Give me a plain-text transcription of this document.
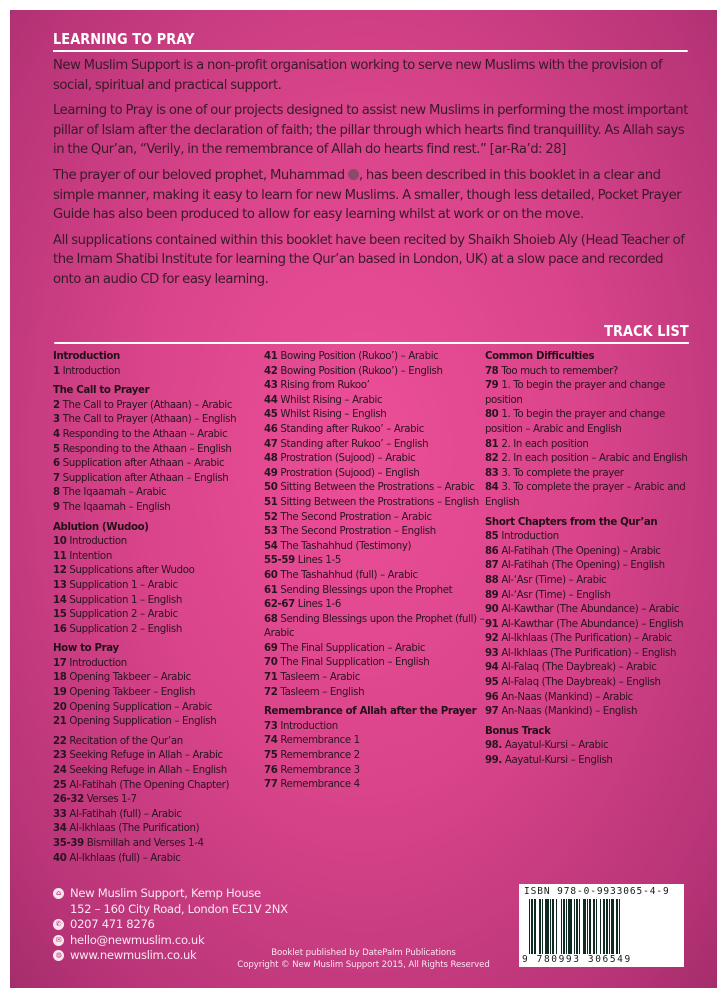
LEARNING TO PRAY

New Muslim Support is a non-profit organisation working to serve new Muslims with the provision of social, spiritual and practical support.

Learning to Pray is one of our projects designed to assist new Muslims in performing the most important pillar of Islam after the declaration of faith; the pillar through which hearts find tranquillity. As Allah says in the Qur’an, “Verily, in the remembrance of Allah do hearts find rest.” [ar-Ra’d: 28]

The prayer of our beloved prophet, Muhammad , has been described in this booklet in a clear and simple manner, making it easy to learn for new Muslims. A smaller, though less detailed, Pocket Prayer Guide has also been produced to allow for easy learning whilst at work or on the move.

All supplications contained within this booklet have been recited by Shaikh Shoieb Aly (Head Teacher of the Imam Shatibi Institute for learning the Qur’an based in London, UK) at a slow pace and recorded onto an audio CD for easy learning.

TRACK LIST
Introduction
1 Introduction
The Call to Prayer
2 The Call to Prayer (Athaan) – Arabic
3 The Call to Prayer (Athaan) – English
4 Responding to the Athaan – Arabic
5 Responding to the Athaan – English
6 Supplication after Athaan – Arabic
7 Supplication after Athaan – English
8 The Iqaamah – Arabic
9 The Iqaamah – English
Ablution (Wudoo)
10 Introduction
11 Intention
12 Supplications after Wudoo
13 Supplication 1 – Arabic
14 Supplication 1 – English
15 Supplication 2 – Arabic
16 Supplication 2 – English
How to Pray
17 Introduction
18 Opening Takbeer – Arabic
19 Opening Takbeer – English
20 Opening Supplication – Arabic
21 Opening Supplication – English
22 Recitation of the Qur’an
23 Seeking Refuge in Allah – Arabic
24 Seeking Refuge in Allah – English
25 Al-Fatihah (The Opening Chapter)
26-32 Verses 1-7
33 Al-Fatihah (full) – Arabic
34 Al-Ikhlaas (The Purification)
35-39 Bismillah and Verses 1-4
40 Al-Ikhlaas (full) – Arabic
41 Bowing Position (Rukoo’) – Arabic
42 Bowing Position (Rukoo’) – English
43 Rising from Rukoo’
44 Whilst Rising – Arabic
45 Whilst Rising – English
46 Standing after Rukoo’ – Arabic
47 Standing after Rukoo’ – English
48 Prostration (Sujood) – Arabic
49 Prostration (Sujood) – English
50 Sitting Between the Prostrations – Arabic
51 Sitting Between the Prostrations – English
52 The Second Prostration – Arabic
53 The Second Prostration – English
54 The Tashahhud (Testimony)
55-59 Lines 1-5
60 The Tashahhud (full) – Arabic
61 Sending Blessings upon the Prophet
62-67 Lines 1-6
68 Sending Blessings upon the Prophet (full) – Arabic
69 The Final Supplication – Arabic
70 The Final Supplication – English
71 Tasleem – Arabic
72 Tasleem – English
Remembrance of Allah after the Prayer
73 Introduction
74 Remembrance 1
75 Remembrance 2
76 Remembrance 3
77 Remembrance 4
Common Difficulties
78 Too much to remember?
79 1. To begin the prayer and change position
80 1. To begin the prayer and change position – Arabic and English
81 2. In each position
82 2. In each position – Arabic and English
83 3. To complete the prayer
84 3. To complete the prayer – Arabic and English
Short Chapters from the Qur’an
85 Introduction
86 Al-Fatihah (The Opening) – Arabic
87 Al-Fatihah (The Opening) – English
88 Al-‘Asr (Time) – Arabic
89 Al-‘Asr (Time) – English
90 Al-Kawthar (The Abundance) – Arabic
91 Al-Kawthar (The Abundance) – English
92 Al-Ikhlaas (The Purification) – Arabic
93 Al-Ikhlaas (The Purification) – English
94 Al-Falaq (The Daybreak) – Arabic
95 Al-Falaq (The Daybreak) – English
96 An-Naas (Mankind) – Arabic
97 An-Naas (Mankind) – English
Bonus Track
98. Aayatul-Kursi – Arabic
99. Aayatul-Kursi – English
⌂ New Muslim Support, Kemp House
152 – 160 City Road, London EC1V 2NX
✆ 0207 471 8276
✉ hello@newmuslim.co.uk
◍ www.newmuslim.co.uk
ISBN 978-0-9933065-4-9
9 780993 306549
Booklet published by DatePalm Publications
Copyright © New Muslim Support 2015, All Rights Reserved
